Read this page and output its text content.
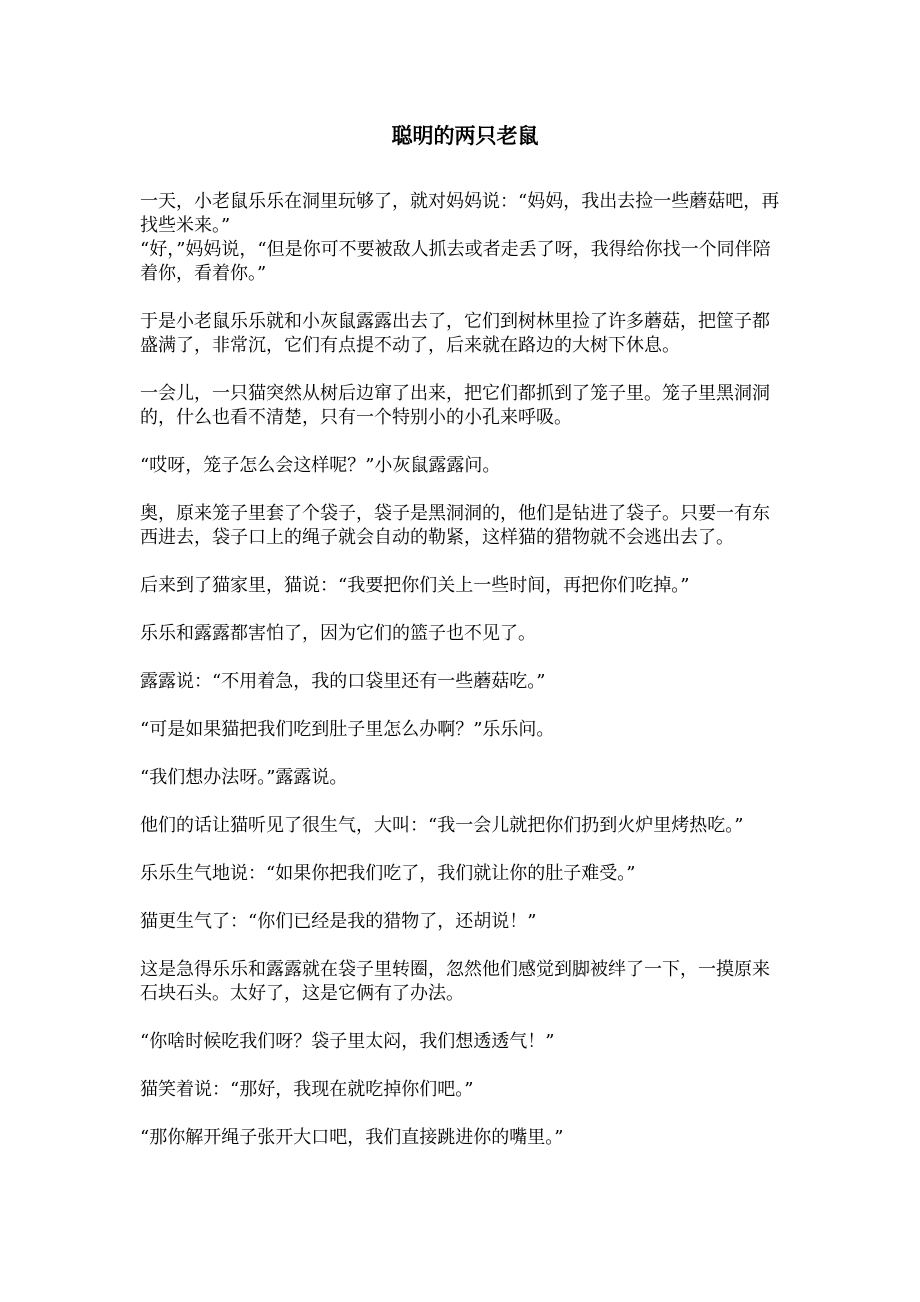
聪明的两只老鼠

一天，小老鼠乐乐在洞里玩够了，就对妈妈说：“妈妈，我出去捡一些蘑菇吧，再找些米来。”

“好，”妈妈说，“但是你可不要被敌人抓去或者走丢了呀，我得给你找一个同伴陪着你，看着你。”

于是小老鼠乐乐就和小灰鼠露露出去了，它们到树林里捡了许多蘑菇，把筐子都盛满了，非常沉，它们有点提不动了，后来就在路边的大树下休息。

一会儿，一只猫突然从树后边窜了出来，把它们都抓到了笼子里。笼子里黑洞洞的，什么也看不清楚，只有一个特别小的小孔来呼吸。

“哎呀，笼子怎么会这样呢？”小灰鼠露露问。

奥，原来笼子里套了个袋子，袋子是黑洞洞的，他们是钻进了袋子。只要一有东西进去，袋子口上的绳子就会自动的勒紧，这样猫的猎物就不会逃出去了。

后来到了猫家里，猫说：“我要把你们关上一些时间，再把你们吃掉。”

乐乐和露露都害怕了，因为它们的篮子也不见了。

露露说：“不用着急，我的口袋里还有一些蘑菇吃。”

“可是如果猫把我们吃到肚子里怎么办啊？”乐乐问。

“我们想办法呀。”露露说。

他们的话让猫听见了很生气，大叫：“我一会儿就把你们扔到火炉里烤热吃。”

乐乐生气地说：“如果你把我们吃了，我们就让你的肚子难受。”

猫更生气了：“你们已经是我的猎物了，还胡说！”

这是急得乐乐和露露就在袋子里转圈，忽然他们感觉到脚被绊了一下，一摸原来石块石头。太好了，这是它俩有了办法。

“你啥时候吃我们呀？袋子里太闷，我们想透透气！”

猫笑着说：“那好，我现在就吃掉你们吧。”

“那你解开绳子张开大口吧，我们直接跳进你的嘴里。”
